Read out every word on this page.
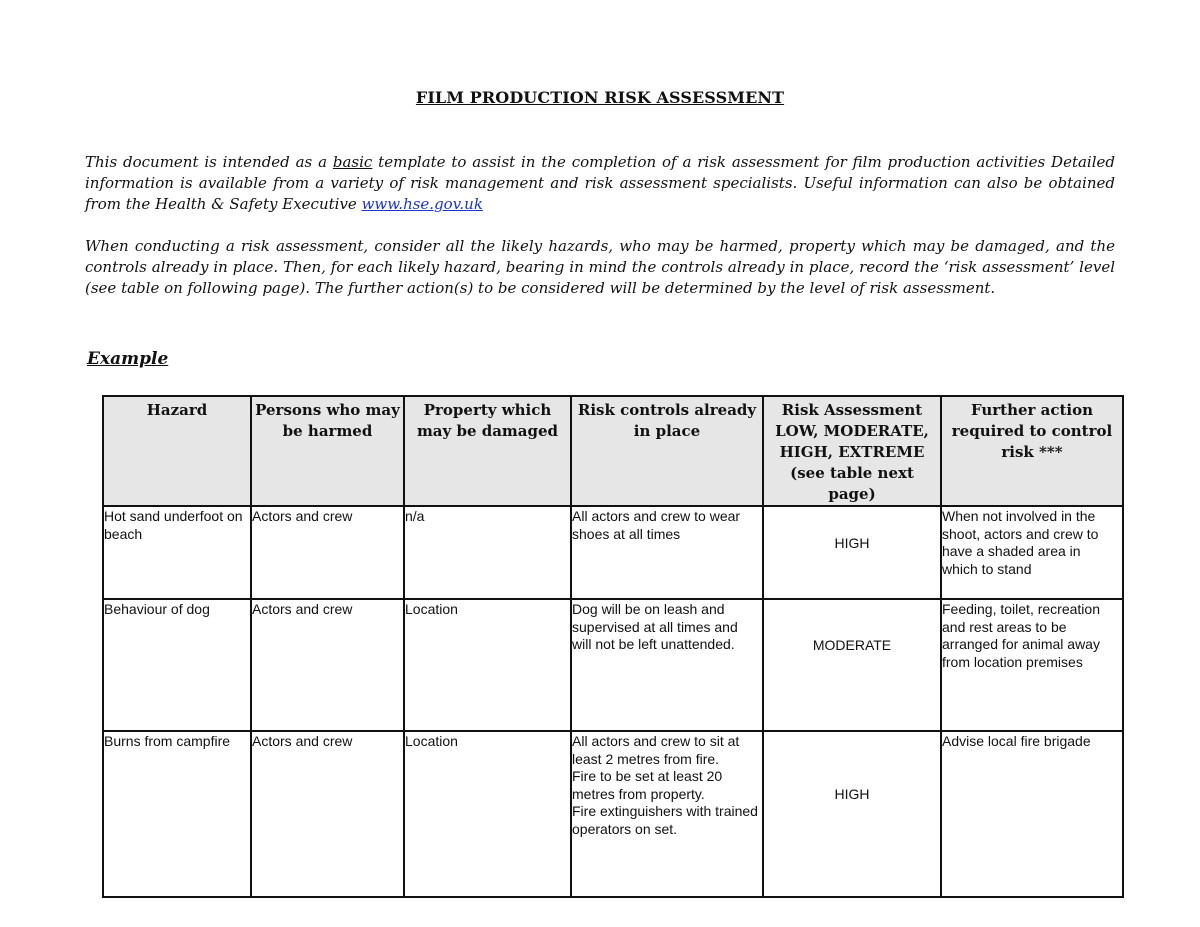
FILM PRODUCTION RISK ASSESSMENT

This document is intended as a basic template to assist in the completion of a risk assessment for film production activities Detailed information is available from a variety of risk management and risk assessment specialists. Useful information can also be obtained from the Health & Safety Executive www.hse.gov.uk

When conducting a risk assessment, consider all the likely hazards, who may be harmed, property which may be damaged, and the controls already in place. Then, for each likely hazard, bearing in mind the controls already in place, record the ‘risk assessment’ level (see table on following page). The further action(s) to be considered will be determined by the level of risk assessment.

Example
Hazard	Persons who may be harmed	Property which may be damaged	Risk controls already in place	Risk Assessment
LOW, MODERATE, HIGH, EXTREME
(see table next page)	Further action required to control risk ***
Hot sand underfoot on beach	Actors and crew	n/a	All actors and crew to wear shoes at all times	HIGH	When not involved in the shoot, actors and crew to have a shaded area in which to stand
Behaviour of dog	Actors and crew	Location	Dog will be on leash and supervised at all times and will not be left unattended.	MODERATE	Feeding, toilet, recreation and rest areas to be arranged for animal away from location premises
Burns from campfire	Actors and crew	Location	All actors and crew to sit at least 2 metres from fire.
Fire to be set at least 20 metres from property.
Fire extinguishers with trained operators on set.	HIGH	Advise local fire brigade
